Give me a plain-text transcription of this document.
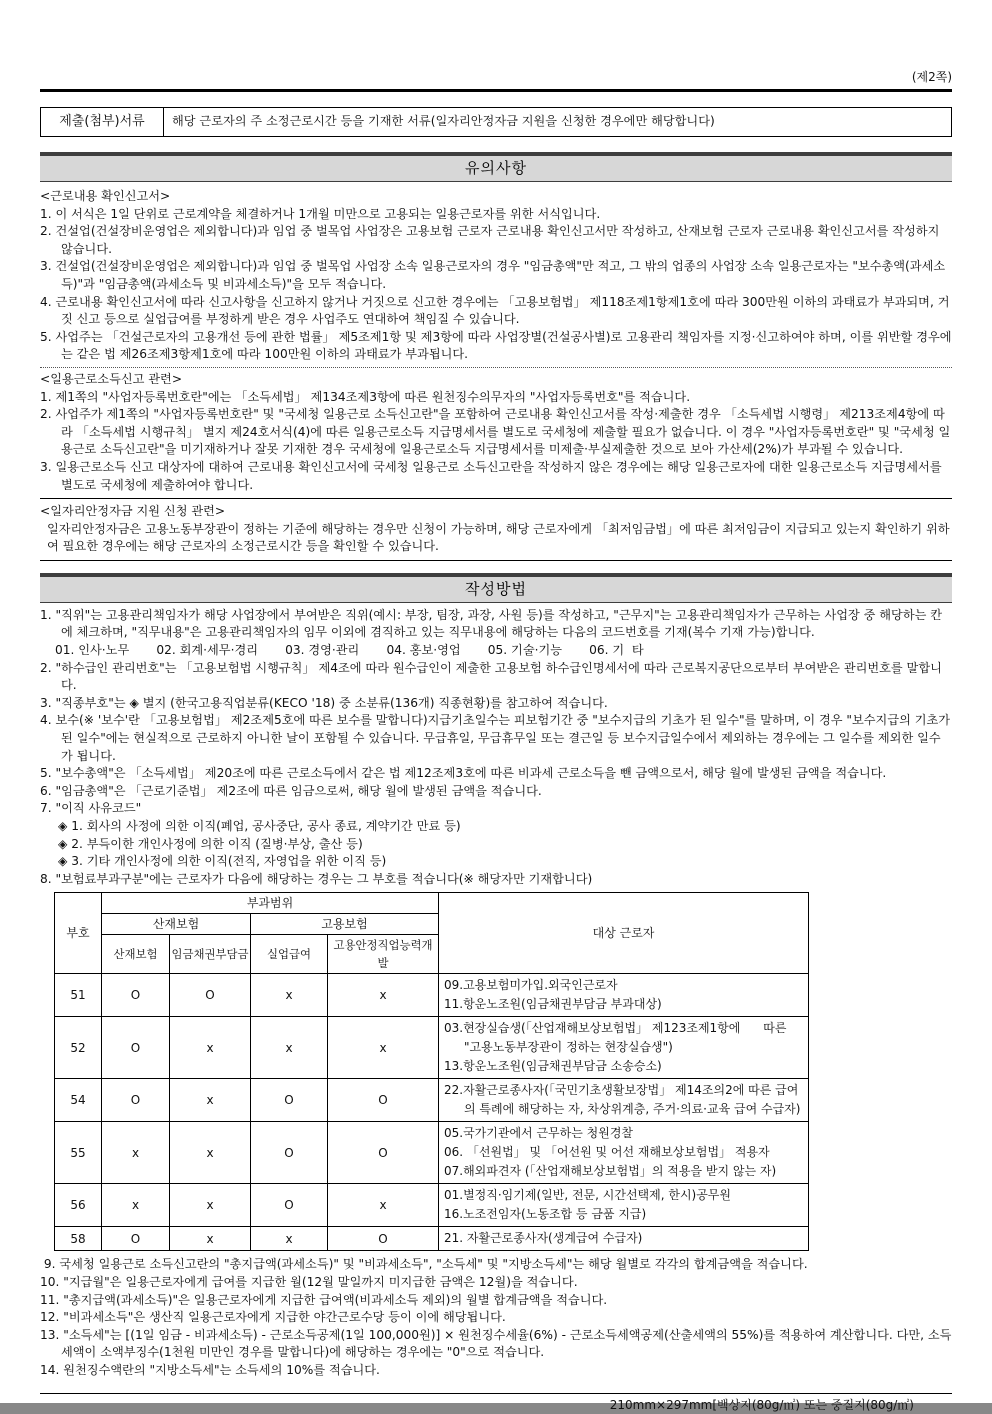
(제2쪽)
제출(첨부)서류	해당 근로자의 주 소정근로시간 등을 기재한 서류(일자리안정자금 지원을 신청한 경우에만 해당합니다)
유의사항
<근로내용 확인신고서>
1. 이 서식은 1일 단위로 근로계약을 체결하거나 1개월 미만으로 고용되는 일용근로자를 위한 서식입니다.
2. 건설업(건설장비운영업은 제외합니다)과 임업 중 벌목업 사업장은 고용보험 근로자 근로내용 확인신고서만 작성하고, 산재보험 근로자 근로내용 확인신고서를 작성하지 않습니다.
3. 건설업(건설장비운영업은 제외합니다)과 임업 중 벌목업 사업장 소속 일용근로자의 경우 "임금총액"만 적고, 그 밖의 업종의 사업장 소속 일용근로자는 "보수총액(과세소득)"과 "임금총액(과세소득 및 비과세소득)"을 모두 적습니다.
4. 근로내용 확인신고서에 따라 신고사항을 신고하지 않거나 거짓으로 신고한 경우에는 「고용보험법」 제118조제1항제1호에 따라 300만원 이하의 과태료가 부과되며, 거짓 신고 등으로 실업급여를 부정하게 받은 경우 사업주도 연대하여 책임질 수 있습니다.
5. 사업주는 「건설근로자의 고용개선 등에 관한 법률」 제5조제1항 및 제3항에 따라 사업장별(건설공사별)로 고용관리 책임자를 지정·신고하여야 하며, 이를 위반할 경우에는 같은 법 제26조제3항제1호에 따라 100만원 이하의 과태료가 부과됩니다.
<일용근로소득신고 관련>
1. 제1쪽의 "사업자등록번호란"에는 「소득세법」 제134조제3항에 따른 원천징수의무자의 "사업자등록번호"를 적습니다.
2. 사업주가 제1쪽의 "사업자등록번호란" 및 "국세청 일용근로 소득신고란"을 포함하여 근로내용 확인신고서를 작성·제출한 경우 「소득세법 시행령」 제213조제4항에 따라 「소득세법 시행규칙」 별지 제24호서식(4)에 따른 일용근로소득 지급명세서를 별도로 국세청에 제출할 필요가 없습니다. 이 경우 "사업자등록번호란" 및 "국세청 일용근로 소득신고란"을 미기재하거나 잘못 기재한 경우 국세청에 일용근로소득 지급명세서를 미제출·부실제출한 것으로 보아 가산세(2%)가 부과될 수 있습니다.
3. 일용근로소득 신고 대상자에 대하여 근로내용 확인신고서에 국세청 일용근로 소득신고란을 작성하지 않은 경우에는 해당 일용근로자에 대한 일용근로소득 지급명세서를 별도로 국세청에 제출하여야 합니다.
<일자리안정자금 지원 신청 관련>
일자리안정자금은 고용노동부장관이 정하는 기준에 해당하는 경우만 신청이 가능하며, 해당 근로자에게 「최저임금법」에 따른 최저임금이 지급되고 있는지 확인하기 위하여 필요한 경우에는 해당 근로자의 소정근로시간 등을 확인할 수 있습니다.
작성방법
1. "직위"는 고용관리책임자가 해당 사업장에서 부여받은 직위(예시: 부장, 팀장, 과장, 사원 등)를 작성하고, "근무지"는 고용관리책임자가 근무하는 사업장 중 해당하는 칸에 체크하며, "직무내용"은 고용관리책임자의 임무 이외에 겸직하고 있는 직무내용에 해당하는 다음의 코드번호를 기재(복수 기재 가능)합니다.
01. 인사·노무       02. 회계·세무·경리       03. 경영·관리       04. 홍보·영업       05. 기술·기능       06. 기  타
2. "하수급인 관리번호"는 「고용보험법 시행규칙」 제4조에 따라 원수급인이 제출한 고용보험 하수급인명세서에 따라 근로복지공단으로부터 부여받은 관리번호를 말합니다.
3. "직종부호"는 ◈ 별지 (한국고용직업분류(KECO '18) 중 소분류(136개) 직종현황)를 참고하여 적습니다.
4. 보수(※ '보수'란 「고용보험법」 제2조제5호에 따른 보수를 말합니다)지급기초일수는 피보험기간 중 "보수지급의 기초가 된 일수"를 말하며, 이 경우 "보수지급의 기초가 된 일수"에는 현실적으로 근로하지 아니한 날이 포함될 수 있습니다. 무급휴일, 무급휴무일 또는 결근일 등 보수지급일수에서 제외하는 경우에는 그 일수를 제외한 일수가 됩니다.
5. "보수총액"은 「소득세법」 제20조에 따른 근로소득에서 같은 법 제12조제3호에 따른 비과세 근로소득을 뺀 금액으로서, 해당 월에 발생된 금액을 적습니다.
6. "임금총액"은 「근로기준법」 제2조에 따른 임금으로써, 해당 월에 발생된 금액을 적습니다.
7. "이직 사유코드"
◈ 1. 회사의 사정에 의한 이직(폐업, 공사중단, 공사 종료, 계약기간 만료 등)
◈ 2. 부득이한 개인사정에 의한 이직 (질병·부상, 출산 등)
◈ 3. 기타 개인사정에 의한 이직(전직, 자영업을 위한 이직 등)
8. "보험료부과구분"에는 근로자가 다음에 해당하는 경우는 그 부호를 적습니다(※ 해당자만 기재합니다)
부호	부과범위				대상 근로자
	산재보험		고용보험		
	산재보험	임금채권부담금	실업급여	고용안정직업능력개발	
51	O	O	x	x	09.고용보험미가입.외국인근로자
11.항운노조원(임금채권부담금 부과대상)

52	O	x	x	x	03.현장실습생(「산업재해보상보험법」 제123조제1항에      따른 "고용노동부장관이 정하는 현장실습생")
13.항운노조원(임금채권부담금 소송승소)

54	O	x	O	O	22.자활근로종사자(「국민기초생활보장법」 제14조의2에 따른 급여의 특례에 해당하는 자, 차상위계층, 주거·의료·교육 급여 수급자)

55	x	x	O	O	05.국가기관에서 근무하는 청원경찰
06. 「선원법」 및 「어선원 및 어선 재해보상보험법」 적용자
07.해외파견자 (「산업재해보상보험법」의 적용을 받지 않는 자)

56	x	x	O	x	01.별정직·임기제(일반, 전문, 시간선택제, 한시)공무원
16.노조전임자(노동조합 등 금품 지급)

58	O	x	x	O	21. 자활근로종사자(생계급여 수급자)
9. 국세청 일용근로 소득신고란의 "총지급액(과세소득)" 및 "비과세소득", "소득세" 및 "지방소득세"는 해당 월별로 각각의 합계금액을 적습니다.
10. "지급월"은 일용근로자에게 급여를 지급한 월(12월 말일까지 미지급한 금액은 12월)을 적습니다.
11. "총지급액(과세소득)"은 일용근로자에게 지급한 급여액(비과세소득 제외)의 월별 합계금액을 적습니다.
12. "비과세소득"은 생산직 일용근로자에게 지급한 야간근로수당 등이 이에 해당됩니다.
13. "소득세"는 [(1일 임금 - 비과세소득) - 근로소득공제(1일 100,000원)] × 원천징수세율(6%) - 근로소득세액공제(산출세액의 55%)를 적용하여 계산합니다. 다만, 소득세액이 소액부징수(1천원 미만인 경우를 말합니다)에 해당하는 경우에는 "0"으로 적습니다.
14. 원천징수액란의 "지방소득세"는 소득세의 10%를 적습니다.
210mm×297mm[백상지(80g/㎡) 또는 중질지(80g/㎡)
